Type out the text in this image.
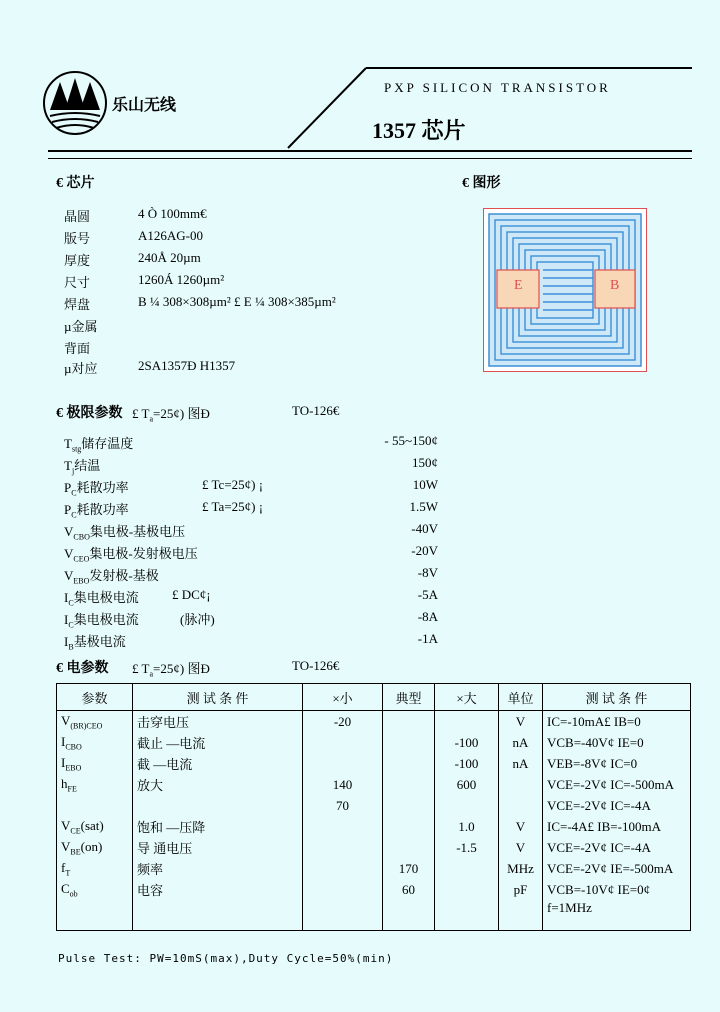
乐山无线
PXP SILICON TRANSISTOR
1357 芯片
€ 芯片	€ 图形
晶圆	4 Ò 100mm€
版号	A126AG-00
厚度	240Å 20µm
尺寸	1260Á 1260µm²
焊盘	B ¼ 308×308µm² £ E ¼ 308×385µm²
µ金属
背面
µ对应	2SA1357Ð H1357
E	B
€ 极限参数 £ $T_a=25¢$) 图Ð	TO-126€
$T_{stg}$储存温度	- 55~150¢
$T_j$结温	150¢
$P_C$耗散功率	£ Tc=25¢) ¡	10W
$P_C$耗散功率	£ Ta=25¢) ¡	1.5W
$V_{CBO}$集电极-基极电压	-40V
$V_{CEO}$集电极-发射极电压	-20V
$V_{EBO}$发射极-基极	-8V
$I_C$集电极电流	£ DC¢¡	-5A
$I_C$集电极电流	(脉冲)	-8A
$I_B$基极电流	-1A
€ 电参数 £ $T_a=25¢$) 图Ð	TO-126€
参数	测 试 条 件	×小	典型	×大	单位	测 试 条 件
$V_{(BR)CEO}$	击穿电压	-20			V	IC=-10mA£ IB=0
$I_{CBO}$	截止 —电流			-100	nA	VCB=-40V¢ IE=0
$I_{EBO}$	截 —电流			-100	nA	VEB=-8V¢ IC=0
$h_{FE}$	放大	140		600		VCE=-2V¢ IC=-500mA
		70				VCE=-2V¢ IC=-4A
$V_{CE}(sat)$	饱和 —压降			1.0	V	IC=-4A£ IB=-100mA
$V_{BE}(on)$	导 通电压			-1.5	V	VCE=-2V¢ IC=-4A
$f_T$	频率		170		MHz	VCE=-2V¢ IE=-500mA
$C_{ob}$	电容		60		pF	VCB=-10V¢ IE=0¢
						f=1MHz
Pulse Test: PW=10mS(max),Duty Cycle=50%(min)
